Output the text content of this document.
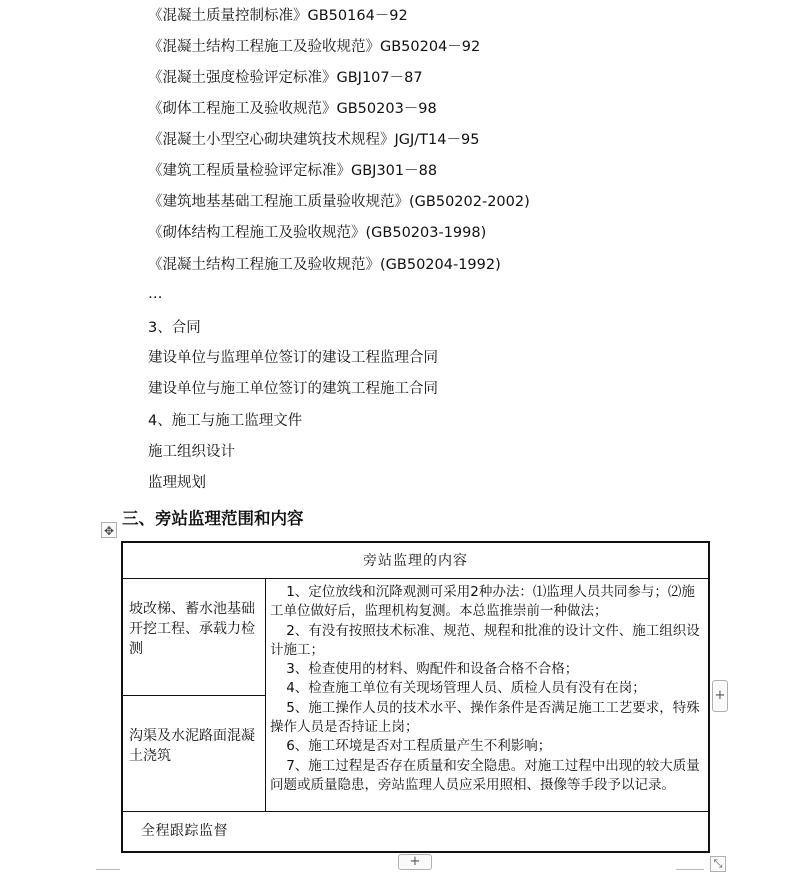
《混凝土质量控制标准》GB50164－92
《混凝土结构工程施工及验收规范》GB50204－92
《混凝土强度检验评定标准》GBJ107－87
《砌体工程施工及验收规范》GB50203－98
《混凝土小型空心砌块建筑技术规程》JGJ/T14－95
《建筑工程质量检验评定标准》GBJ301－88
《建筑地基基础工程施工质量验收规范》(GB50202-2002)
《砌体结构工程施工及验收规范》(GB50203-1998)
《混凝土结构工程施工及验收规范》(GB50204-1992)
…
3、合同
建设单位与监理单位签订的建设工程监理合同
建设单位与施工单位签订的建筑工程施工合同
4、施工与施工监理文件
施工组织设计
监理规划
三、旁站监理范围和内容
✥
旁站监理的内容
坡改梯、蓄水池基础开挖工程、承载力检测
沟渠及水泥路面混凝土浇筑

1、定位放线和沉降观测可采用2种办法：⑴监理人员共同参与；⑵施工单位做好后，监理机构复测。本总监推崇前一种做法；

2、有没有按照技术标准、规范、规程和批准的设计文件、施工组织设计施工；

3、检查使用的材料、购配件和设备合格不合格；

4、检查施工单位有关现场管理人员、质检人员有没有在岗；

5、施工操作人员的技术水平、操作条件是否满足施工工艺要求，特殊操作人员是否持证上岗；

6、施工环境是否对工程质量产生不利影响；

7、施工过程是否存在质量和安全隐患。对施工过程中出现的较大质量问题或质量隐患，旁站监理人员应采用照相、摄像等手段予以记录。

全程跟踪监督
+
+	⤡
